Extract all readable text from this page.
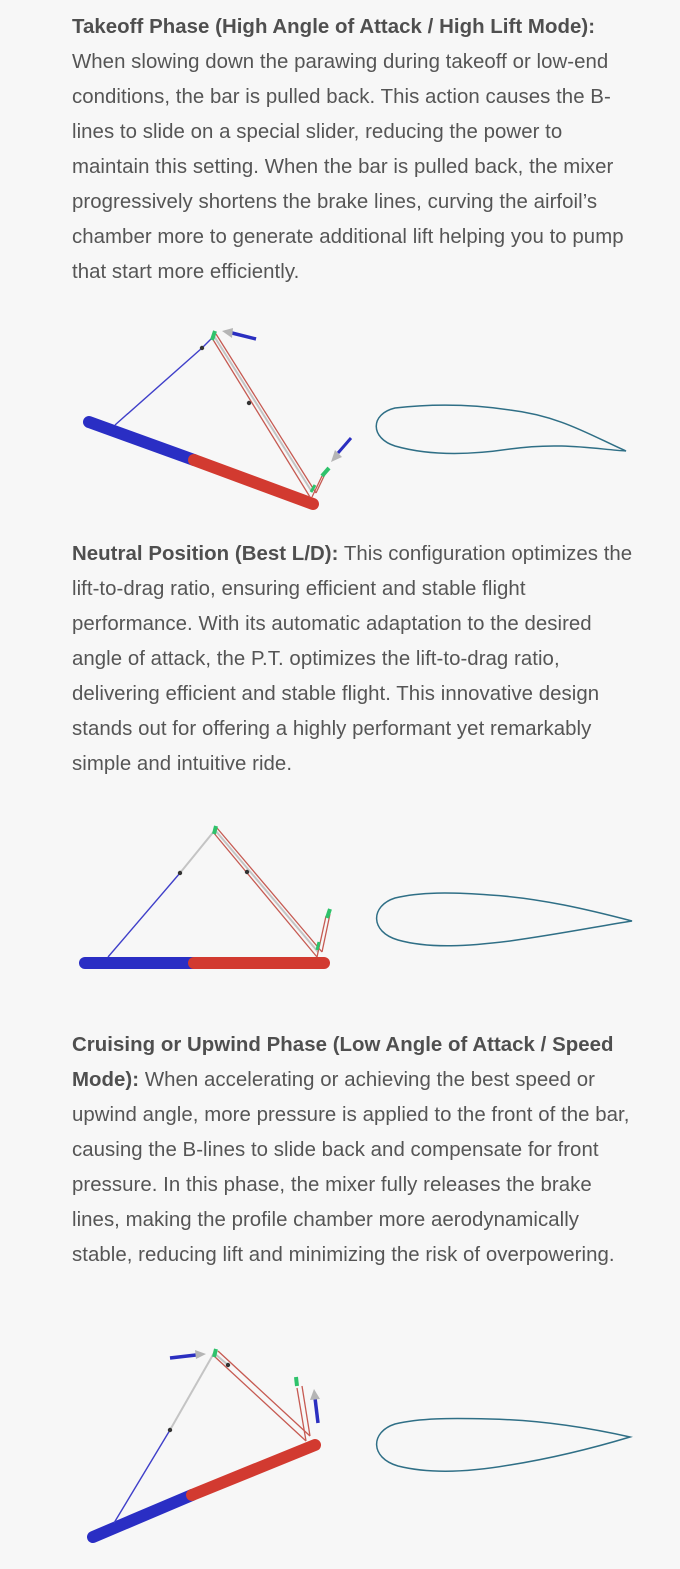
Takeoff Phase (High Angle of Attack / High Lift Mode): When slowing down the parawing during takeoff or low-end conditions, the bar is pulled back. This action causes the B-lines to slide on a special slider, reducing the power to maintain this setting. When the bar is pulled back, the mixer progressively shortens the brake lines, curving the airfoil’s chamber more to generate additional lift helping you to pump that start more efficiently.

Neutral Position (Best L/D): This configuration optimizes the lift-to-drag ratio, ensuring efficient and stable flight performance. With its automatic adaptation to the desired angle of attack, the P.T. optimizes the lift-to-drag ratio, delivering efficient and stable flight. This innovative design stands out for offering a highly performant yet remarkably simple and intuitive ride.

Cruising or Upwind Phase (Low Angle of Attack / Speed Mode): When accelerating or achieving the best speed or upwind angle, more pressure is applied to the front of the bar, causing the B-lines to slide back and compensate for front pressure. In this phase, the mixer fully releases the brake lines, making the profile chamber more aerodynamically stable, reducing lift and minimizing the risk of overpowering.
